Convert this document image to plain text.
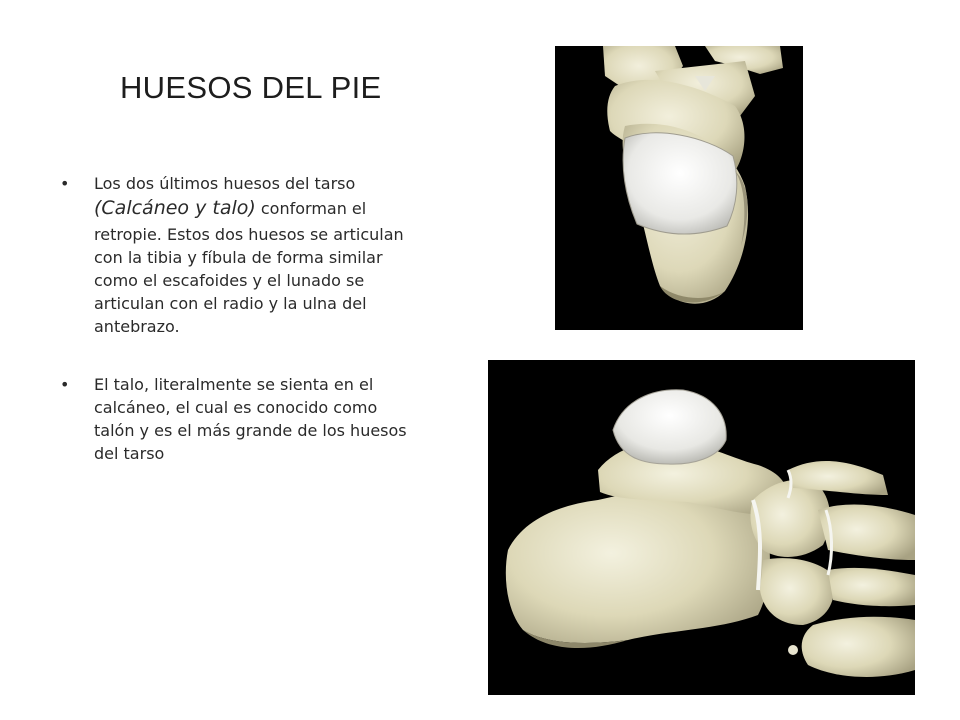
HUESOS DEL PIE
• Los dos últimos huesos del tarso (Calcáneo y talo) conforman el retropie. Estos dos huesos se articulan con la tibia y fíbula de forma similar como el escafoides y el lunado se articulan con el radio y la ulna del antebrazo.
• El talo, literalmente se sienta en el calcáneo, el cual es conocido como talón y es el más grande de los huesos del tarso
